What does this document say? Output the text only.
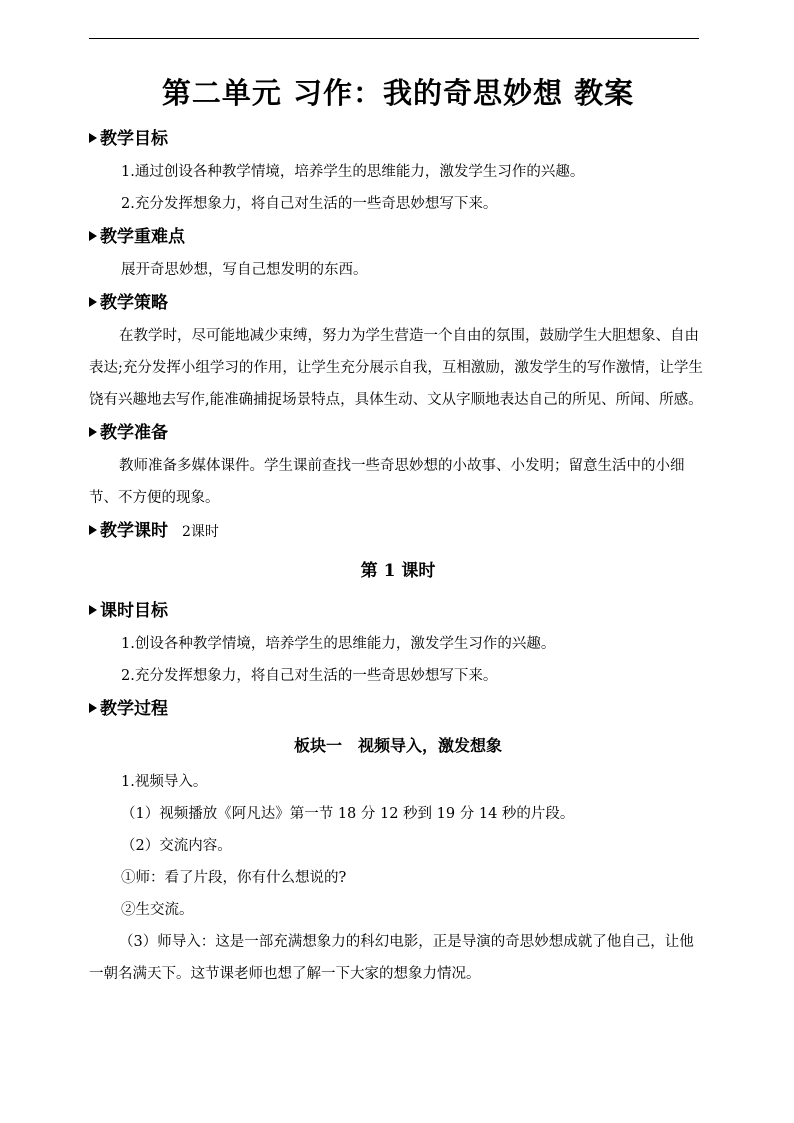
第二单元 习作：我的奇思妙想 教案
教学目标
1.通过创设各种教学情境，培养学生的思维能力，激发学生习作的兴趣。
2.充分发挥想象力，将自己对生活的一些奇思妙想写下来。
教学重难点
展开奇思妙想，写自己想发明的东西。
教学策略

在教学时，尽可能地减少束缚，努力为学生营造一个自由的氛围，鼓励学生大胆想象、自由表达;充分发挥小组学习的作用，让学生充分展示自我，互相激励，激发学生的写作激情，让学生饶有兴趣地去写作,能准确捕捉场景特点，具体生动、文从字顺地表达自己的所见、所闻、所感。

教学准备

教师准备多媒体课件。学生课前查找一些奇思妙想的小故事、小发明；留意生活中的小细节、不方便的现象。

教学课时 2课时
第 1 课时
课时目标
1.创设各种教学情境，培养学生的思维能力，激发学生习作的兴趣。
2.充分发挥想象力，将自己对生活的一些奇思妙想写下来。
教学过程
板块一　视频导入，激发想象
1.视频导入。
（1）视频播放《阿凡达》第一节 18 分 12 秒到 19 分 14 秒的片段。
（2）交流内容。
①师：看了片段，你有什么想说的?
②生交流。

（3）师导入：这是一部充满想象力的科幻电影，正是导演的奇思妙想成就了他自己，让他一朝名满天下。这节课老师也想了解一下大家的想象力情况。
